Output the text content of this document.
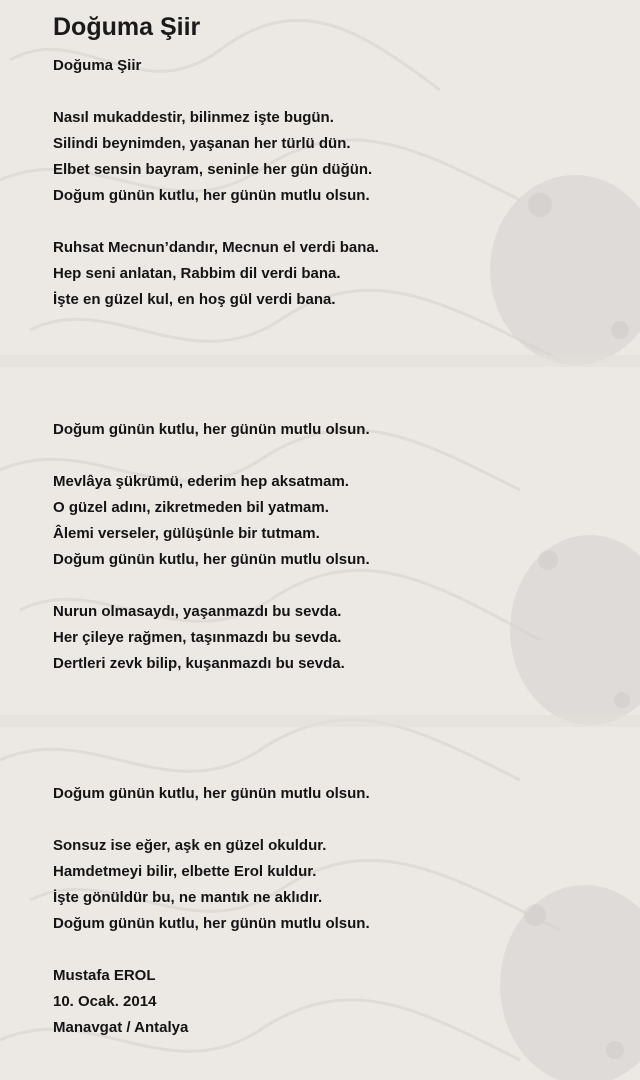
Doğuma Şiir
Doğuma Şiir
Nasıl mukaddestir, bilinmez işte bugün.
Silindi beynimden, yaşanan her türlü dün.
Elbet sensin bayram, seninle her gün düğün.
Doğum günün kutlu, her günün mutlu olsun.
Ruhsat Mecnun’dandır, Mecnun el verdi bana.
Hep seni anlatan, Rabbim dil verdi bana.
İşte en güzel kul, en hoş gül verdi bana.
Doğum günün kutlu, her günün mutlu olsun.
Mevlâya şükrümü, ederim hep aksatmam.
O güzel adını, zikretmeden bil yatmam.
Âlemi verseler, gülüşünle bir tutmam.
Doğum günün kutlu, her günün mutlu olsun.
Nurun olmasaydı, yaşanmazdı bu sevda.
Her çileye rağmen, taşınmazdı bu sevda.
Dertleri zevk bilip, kuşanmazdı bu sevda.
Doğum günün kutlu, her günün mutlu olsun.
Sonsuz ise eğer, aşk en güzel okuldur.
Hamdetmeyi bilir, elbette Erol kuldur.
İşte gönüldür bu, ne mantık ne aklıdır.
Doğum günün kutlu, her günün mutlu olsun.
Mustafa EROL
10. Ocak. 2014
Manavgat / Antalya
